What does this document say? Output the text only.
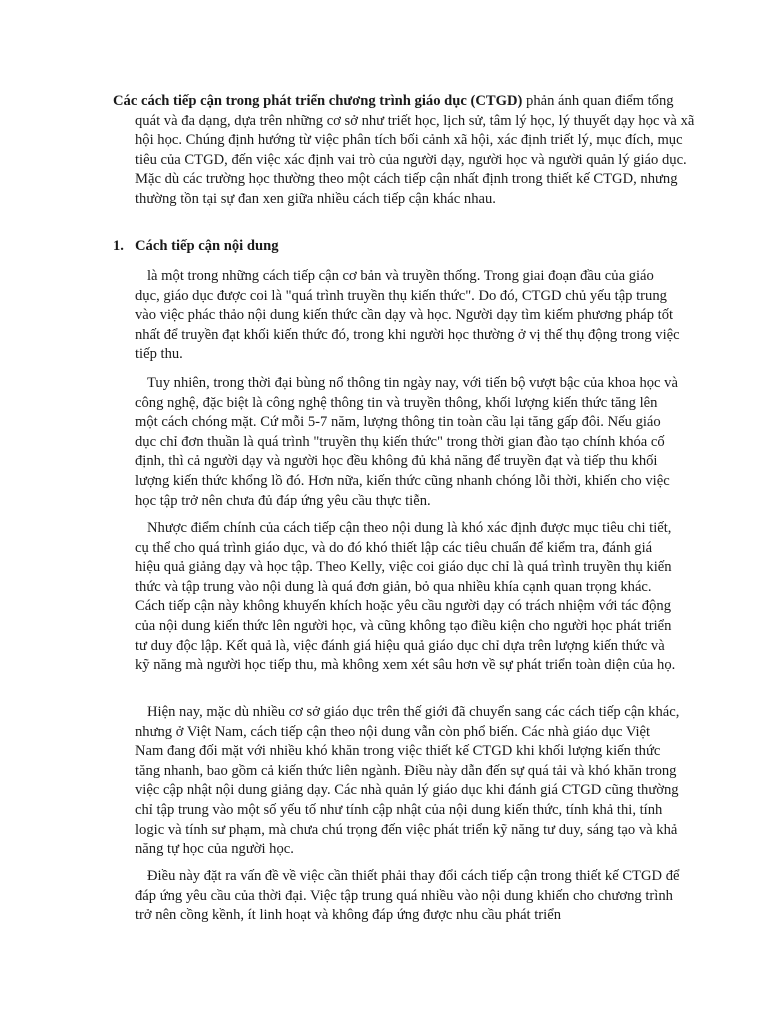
Các cách tiếp cận trong phát triển chương trình giáo dục (CTGD) phản ánh quan điểm tổng quát và đa dạng, dựa trên những cơ sở như triết học, lịch sử, tâm lý học, lý thuyết dạy học và xã hội học. Chúng định hướng từ việc phân tích bối cảnh xã hội, xác định triết lý, mục đích, mục tiêu của CTGD, đến việc xác định vai trò của người dạy, người học và người quản lý giáo dục. Mặc dù các trường học thường theo một cách tiếp cận nhất định trong thiết kế CTGD, nhưng thường tồn tại sự đan xen giữa nhiều cách tiếp cận khác nhau.

1. Cách tiếp cận nội dung

là một trong những cách tiếp cận cơ bản và truyền thống. Trong giai đoạn đầu của giáo dục, giáo dục được coi là "quá trình truyền thụ kiến thức". Do đó, CTGD chủ yếu tập trung vào việc phác thảo nội dung kiến thức cần dạy và học. Người dạy tìm kiếm phương pháp tốt nhất để truyền đạt khối kiến thức đó, trong khi người học thường ở vị thế thụ động trong việc tiếp thu.

Tuy nhiên, trong thời đại bùng nổ thông tin ngày nay, với tiến bộ vượt bậc của khoa học và công nghệ, đặc biệt là công nghệ thông tin và truyền thông, khối lượng kiến thức tăng lên một cách chóng mặt. Cứ mỗi 5-7 năm, lượng thông tin toàn cầu lại tăng gấp đôi. Nếu giáo dục chỉ đơn thuần là quá trình "truyền thụ kiến thức" trong thời gian đào tạo chính khóa cố định, thì cả người dạy và người học đều không đủ khả năng để truyền đạt và tiếp thu khối lượng kiến thức khổng lồ đó. Hơn nữa, kiến thức cũng nhanh chóng lỗi thời, khiến cho việc học tập trở nên chưa đủ đáp ứng yêu cầu thực tiễn.

Nhược điểm chính của cách tiếp cận theo nội dung là khó xác định được mục tiêu chi tiết, cụ thể cho quá trình giáo dục, và do đó khó thiết lập các tiêu chuẩn để kiểm tra, đánh giá hiệu quả giảng dạy và học tập. Theo Kelly, việc coi giáo dục chỉ là quá trình truyền thụ kiến thức và tập trung vào nội dung là quá đơn giản, bỏ qua nhiều khía cạnh quan trọng khác. Cách tiếp cận này không khuyến khích hoặc yêu cầu người dạy có trách nhiệm với tác động của nội dung kiến thức lên người học, và cũng không tạo điều kiện cho người học phát triển tư duy độc lập. Kết quả là, việc đánh giá hiệu quả giáo dục chỉ dựa trên lượng kiến thức và kỹ năng mà người học tiếp thu, mà không xem xét sâu hơn về sự phát triển toàn diện của họ.

Hiện nay, mặc dù nhiều cơ sở giáo dục trên thế giới đã chuyển sang các cách tiếp cận khác, nhưng ở Việt Nam, cách tiếp cận theo nội dung vẫn còn phổ biến. Các nhà giáo dục Việt Nam đang đối mặt với nhiều khó khăn trong việc thiết kế CTGD khi khối lượng kiến thức tăng nhanh, bao gồm cả kiến thức liên ngành. Điều này dẫn đến sự quá tải và khó khăn trong việc cập nhật nội dung giảng dạy. Các nhà quản lý giáo dục khi đánh giá CTGD cũng thường chỉ tập trung vào một số yếu tố như tính cập nhật của nội dung kiến thức, tính khả thi, tính logic và tính sư phạm, mà chưa chú trọng đến việc phát triển kỹ năng tư duy, sáng tạo và khả năng tự học của người học.

Điều này đặt ra vấn đề về việc cần thiết phải thay đổi cách tiếp cận trong thiết kế CTGD để đáp ứng yêu cầu của thời đại. Việc tập trung quá nhiều vào nội dung khiến cho chương trình trở nên cồng kềnh, ít linh hoạt và không đáp ứng được nhu cầu phát triển
